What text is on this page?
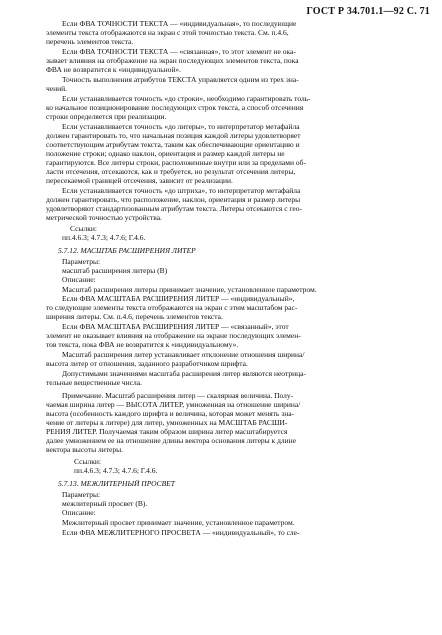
ГОСТ Р 34.701.1—92 С. 71
Если ФВА ТОЧНОСТИ ТЕКСТА — «индивидуальная», то последующие
элементы текста отображаются на экран с этой точностью текста. См. п.4.6,
перечень элементов текста.
Если ФВА ТОЧНОСТИ ТЕКСТА — «связанная», то этот элемент не ока-
зывает влияния на отображение на экран последующих элементов текста, пока
ФВА не возвратится к «индивидуальной».
Точность выполнения атрибутов ТЕКСТА управляется одним из трех зна-
чений.
Если устанавливается точность «до строки», необходимо гарантировать толь-
ко начальное позиционирование последующих строк текста, а способ отсечения
строки определяется при реализации.
Если устанавливается точность «до литеры», то интерпретатор метафайла
должен гарантировать то, что начальная позиция каждой литеры удовлетворяет
соответствующим атрибутам текста, таким как обеспечивающие ориентацию и
положение строки; однако наклон, ориентация и размер каждой литеры не
гарантируются. Все литеры строки, расположенные внутри или за пределами об-
ласти отсечения, отсекаются, как и требуется, но результат отсечения литеры,
пересекаемой границей отсечения, зависит от реализации.
Если устанавливается точность «до штриха», то интерпретатор метафайла
должен гарантировать, что расположение, наклон, ориентация и размер литеры
удовлетворяют стандартизованным атрибутам текста. Литеры отсекаются с гео-
метрической точностью устройства.
Ссылки:
пп.4.6.3; 4.7.3; 4.7.6; Г.4.6.
5.7.12. МАСШТАБ РАСШИРЕНИЯ ЛИТЕР
Параметры:
масштаб расширения литеры (В)
Описание:
Масштаб расширения литеры принимает значение, установленное параметром.
Если ФВА МАСШТАБА РАСШИРЕНИЯ ЛИТЕР — «индивидуальный»,
то следующие элементы текста отображаются на экран с этим масштабом рас-
ширения литеры. См. п.4.6, перечень элементов текста.
Если ФВА МАСШТАБА РАСШИРЕНИЯ ЛИТЕР — «связанный», этот
элемент не оказывает влияния на отображение на экране последующих элемен-
тов текста, пока ФВА не возвратится к «индивидуальному».
Масштаб расширения литер устанавливает отклонение отношения ширина/
высота литер от отношения, заданного разработчиком шрифта.
Допустимыми значениями масштаба расширения литер являются неотрица-
тельные вещественные числа.
Примечание. Масштаб расширения литер — скалярная величина. Полу-
чаемая ширина литер — ВЫСОТА ЛИТЕР, умноженная на отношение ширина/
высота (особенность каждого шрифта и величина, которая может менять зна-
чение от литеры к литере) для литер, умноженных на МАСШТАБ РАСШИ-
РЕНИЯ ЛИТЕР. Получаемая таким образом ширина литер масштабируется
далее умножением ее на отношение длины вектора основания литеры к длине
вектора высоты литеры.
Ссылки:
пп.4.6.3; 4.7.3; 4.7.6; Г.4.6.
5.7.13. МЕЖЛИТЕРНЫЙ ПРОСВЕТ
Параметры:
межлитерный просвет (В).
Описание:
Межлитерный просвет принимает значение, установленное параметром.
Если ФВА МЕЖЛИТЕРНОГО ПРОСВЕТА — «индивидуальный», то сле-
